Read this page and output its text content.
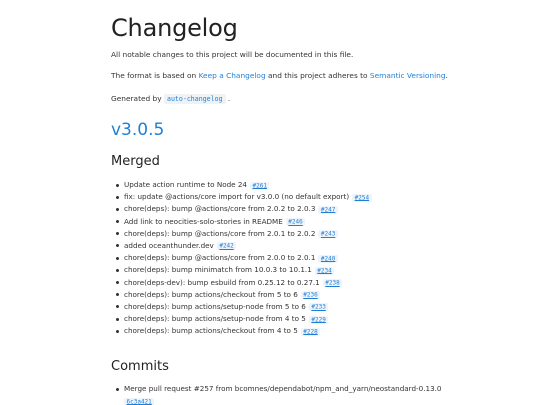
Changelog
All notable changes to this project will be documented in this file.
The format is based on Keep a Changelog and this project adheres to Semantic Versioning.
Generated by auto-changelog .
v3.0.5
Merged
Update action runtime to Node 24 #261
fix: update @actions/core import for v3.0.0 (no default export) #254
chore(deps): bump @actions/core from 2.0.2 to 2.0.3 #247
Add link to neocities-solo-stories in README #246
chore(deps): bump @actions/core from 2.0.1 to 2.0.2 #243
added oceanthunder.dev #242
chore(deps): bump @actions/core from 2.0.0 to 2.0.1 #240
chore(deps): bump minimatch from 10.0.3 to 10.1.1 #234
chore(deps-dev): bump esbuild from 0.25.12 to 0.27.1 #238
chore(deps): bump actions/checkout from 5 to 6 #236
chore(deps): bump actions/setup-node from 5 to 6 #233
chore(deps): bump actions/setup-node from 4 to 5 #229
chore(deps): bump actions/checkout from 4 to 5 #228
Commits
Merge pull request #257 from bcomnes/dependabot/npm_and_yarn/neostandard-0.13.0
6c3a421
